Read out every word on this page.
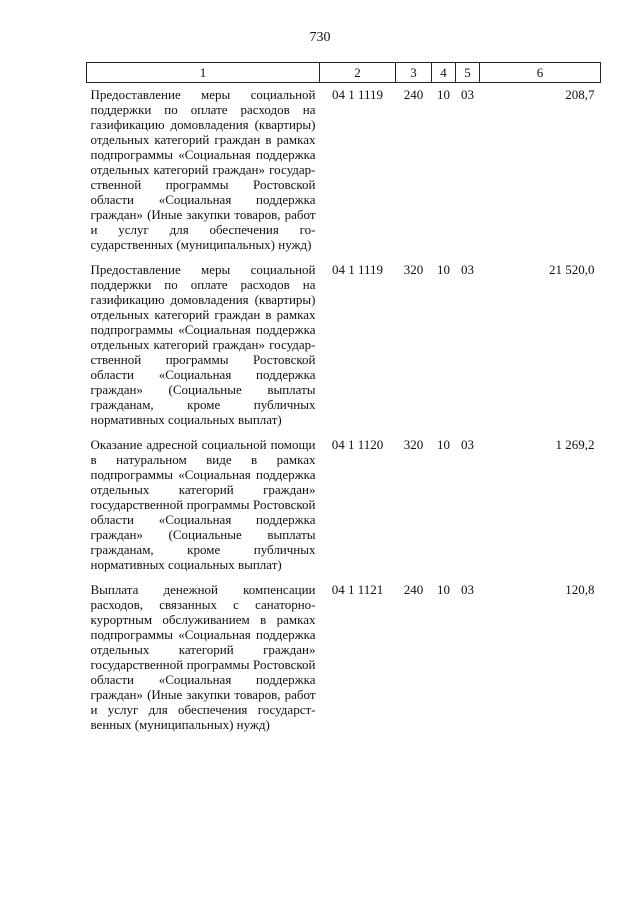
730
1	2	3	4	5	6
Предоставление меры социальной поддержки по оплате расходов на газификацию домовладения (квартиры) отдельных категорий граждан в рамках подпрограммы «Социальная поддержка отдельных категорий граждан» государственной программы Ростовской области «Социальная поддержка граждан» (Иные закупки товаров, работ и услуг для обеспечения государственных (муниципальных) нужд)	04 1 1119	240	10	03	208,7
Предоставление меры социальной поддержки по оплате расходов на газификацию домовладения (квартиры) отдельных категорий граждан в рамках подпрограммы «Социальная поддержка отдельных категорий граждан» государственной программы Ростовской области «Социальная поддержка граждан» (Социальные выплаты гражданам, кроме публичных нормативных социальных выплат)	04 1 1119	320	10	03	21 520,0
Оказание адресной социальной помощи в натуральном виде в рамках подпрограммы «Социальная поддержка отдельных категорий граждан» государственной программы Ростовской области «Социальная поддержка граждан» (Социальные выплаты гражданам, кроме публичных нормативных социальных выплат)	04 1 1120	320	10	03	1 269,2
Выплата денежной компенсации расходов, связанных с санаторно-курортным обслуживанием в рамках подпрограммы «Социальная поддержка отдельных категорий граждан» государственной программы Ростовской области «Социальная поддержка граждан» (Иные закупки товаров, работ и услуг для обеспечения государственных (муниципальных) нужд)	04 1 1121	240	10	03	120,8
